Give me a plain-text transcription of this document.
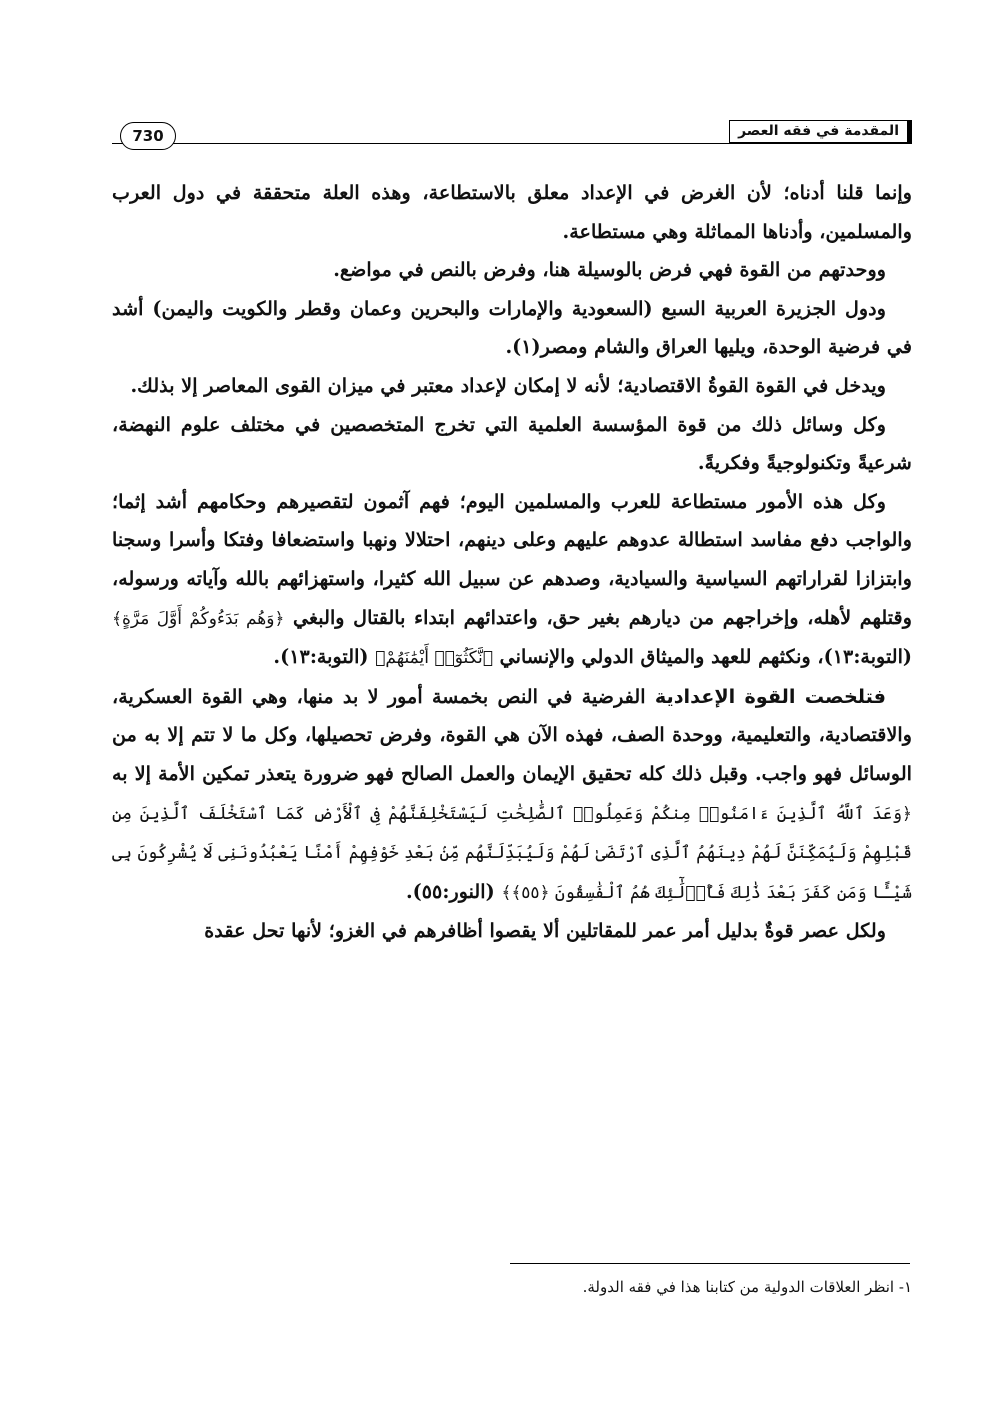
المقدمة في فقه العصر
730

وإنما قلنا أدناه؛ لأن الغرض في الإعداد معلق بالاستطاعة، وهذه العلة متحققة في دول العرب والمسلمين، وأدناها المماثلة وهي مستطاعة.

ووحدتهم من القوة فهي فرض بالوسيلة هنا، وفرض بالنص في مواضع.

ودول الجزيرة العربية السبع (السعودية والإمارات والبحرين وعمان وقطر والكويت واليمن) أشد في فرضية الوحدة، ويليها العراق والشام ومصر(١).

ويدخل في القوة القوةُ الاقتصادية؛ لأنه لا إمكان لإعداد معتبر في ميزان القوى المعاصر إلا بذلك.

وكل وسائل ذلك من قوة المؤسسة العلمية التي تخرج المتخصصين في مختلف علوم النهضة، شرعيةً وتكنولوجيةً وفكريةً.

وكل هذه الأمور مستطاعة للعرب والمسلمين اليوم؛ فهم آثمون لتقصيرهم وحكامهم أشد إثما؛ والواجب دفع مفاسد استطالة عدوهم عليهم وعلى دينهم، احتلالا ونهبا واستضعافا وفتكا وأسرا وسجنا وابتزازا لقراراتهم السياسية والسيادية، وصدهم عن سبيل الله كثيرا، واستهزائهم بالله وآياته ورسوله، وقتلهم لأهله، وإخراجهم من ديارهم بغير حق، واعتدائهم ابتداء بالقتال والبغي ﴿وَهُم بَدَءُوكُمْ أَوَّلَ مَرَّةٍ﴾ (التوبة:١٣)، ونكثهم للعهد والميثاق الدولي والإنساني ﴿نَّكَثُوٓا۟ أَيْمَٰنَهُمْ﴾ (التوبة:١٣).

فتلخصت القوة الإعدادية الفرضية في النص بخمسة أمور لا بد منها، وهي القوة العسكرية، والاقتصادية، والتعليمية، ووحدة الصف، فهذه الآن هي القوة، وفرض تحصيلها، وكل ما لا تتم إلا به من الوسائل فهو واجب. وقبل ذلك كله تحقيق الإيمان والعمل الصالح فهو ضرورة يتعذر تمكين الأمة إلا به ﴿وَعَدَ ٱللَّهُ ٱلَّذِينَ ءَامَنُوا۟ مِنكُمْ وَعَمِلُوا۟ ٱلصَّٰلِحَٰتِ لَيَسْتَخْلِفَنَّهُمْ فِى ٱلْأَرْضِ كَمَا ٱسْتَخْلَفَ ٱلَّذِينَ مِن قَبْلِهِمْ وَلَيُمَكِّنَنَّ لَهُمْ دِينَهُمُ ٱلَّذِى ٱرْتَضَىٰ لَهُمْ وَلَيُبَدِّلَنَّهُم مِّنۢ بَعْدِ خَوْفِهِمْ أَمْنًا يَعْبُدُونَنِى لَا يُشْرِكُونَ بِى شَيْـًٔا وَمَن كَفَرَ بَعْدَ ذَٰلِكَ فَأُو۟لَٰٓئِكَ هُمُ ٱلْفَٰسِقُونَ ﴿٥٥﴾﴾ (النور:٥٥).

ولكل عصر قوةٌ بدليل أمر عمر للمقاتلين ألا يقصوا أظافرهم في الغزو؛ لأنها تحل عقدة

١- انظر العلاقات الدولية من كتابنا هذا في فقه الدولة.
